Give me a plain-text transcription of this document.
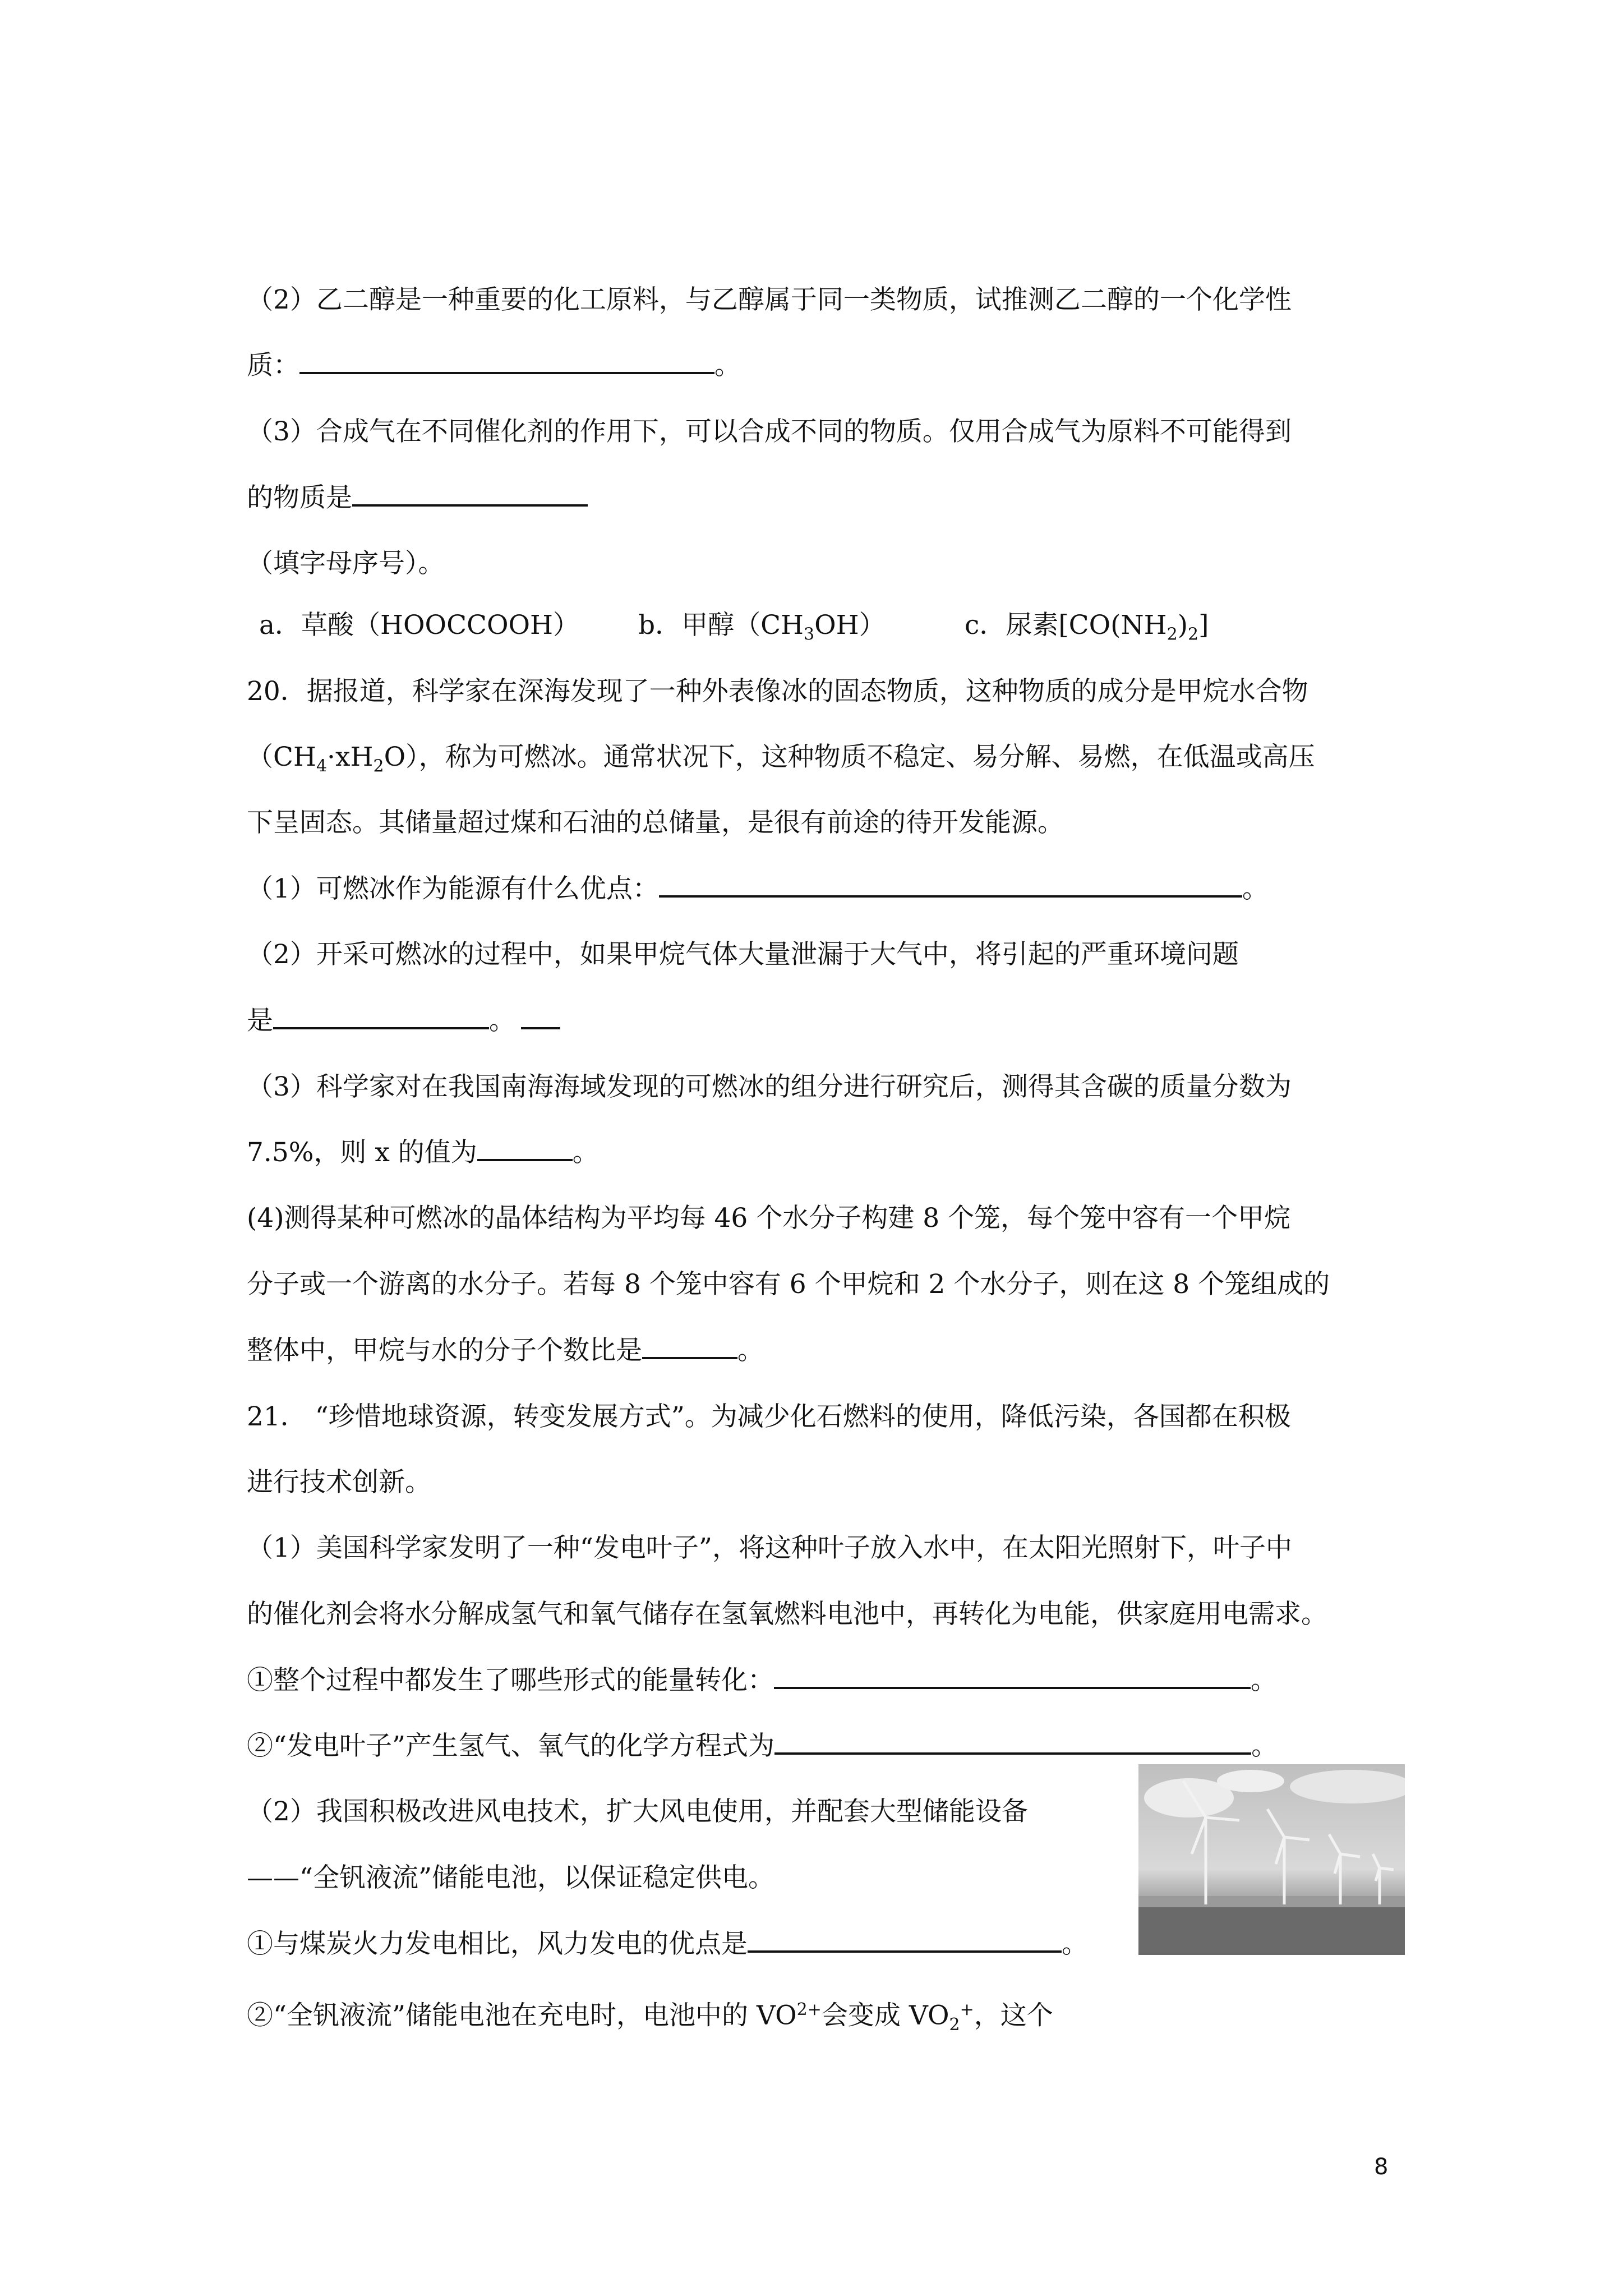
（2）乙二醇是一种重要的化工原料，与乙醇属于同一类物质，试推测乙二醇的一个化学性
质：	。
（3）合成气在不同催化剂的作用下，可以合成不同的物质。仅用合成气为原料不可能得到
的物质是
（填字母序号）。
a．草酸（HOOCCOOH） b．甲醇$(CH_3OH)$	c．尿素$[CO(NH_2)_2]$
20．据报道，科学家在深海发现了一种外表像冰的固态物质，这种物质的成分是甲烷水合物
$(CH_4\cdot xH_2O)$，称为可燃冰。通常状况下，这种物质不稳定、易分解、易燃，在低温或高压
下呈固态。其储量超过煤和石油的总储量，是很有前途的待开发能源。
（1）可燃冰作为能源有什么优点：	。
（2）开采可燃冰的过程中，如果甲烷气体大量泄漏于大气中，将引起的严重环境问题
是	。
（3）科学家对在我国南海海域发现的可燃冰的组分进行研究后，测得其含碳的质量分数为
7.5%，则 x 的值为	。
(4)测得某种可燃冰的晶体结构为平均每 46 个水分子构建 8 个笼，每个笼中容有一个甲烷
分子或一个游离的水分子。若每 8 个笼中容有 6 个甲烷和 2 个水分子，则在这 8 个笼组成的
整体中，甲烷与水的分子个数比是	。
21． “珍惜地球资源，转变发展方式”。为减少化石燃料的使用，降低污染，各国都在积极
进行技术创新。
（1）美国科学家发明了一种“发电叶子”，将这种叶子放入水中，在太阳光照射下，叶子中
的催化剂会将水分解成氢气和氧气储存在氢氧燃料电池中，再转化为电能，供家庭用电需求。
①整个过程中都发生了哪些形式的能量转化：	。
②“发电叶子”产生氢气、氧气的化学方程式为	。
（2）我国积极改进风电技术，扩大风电使用，并配套大型储能设备
——“全钒液流”储能电池，以保证稳定供电。
①与煤炭火力发电相比，风力发电的优点是	。
②“全钒液流”储能电池在充电时，电池中的 $VO^{2+}$会变成 $VO_2^+$，这个
8
